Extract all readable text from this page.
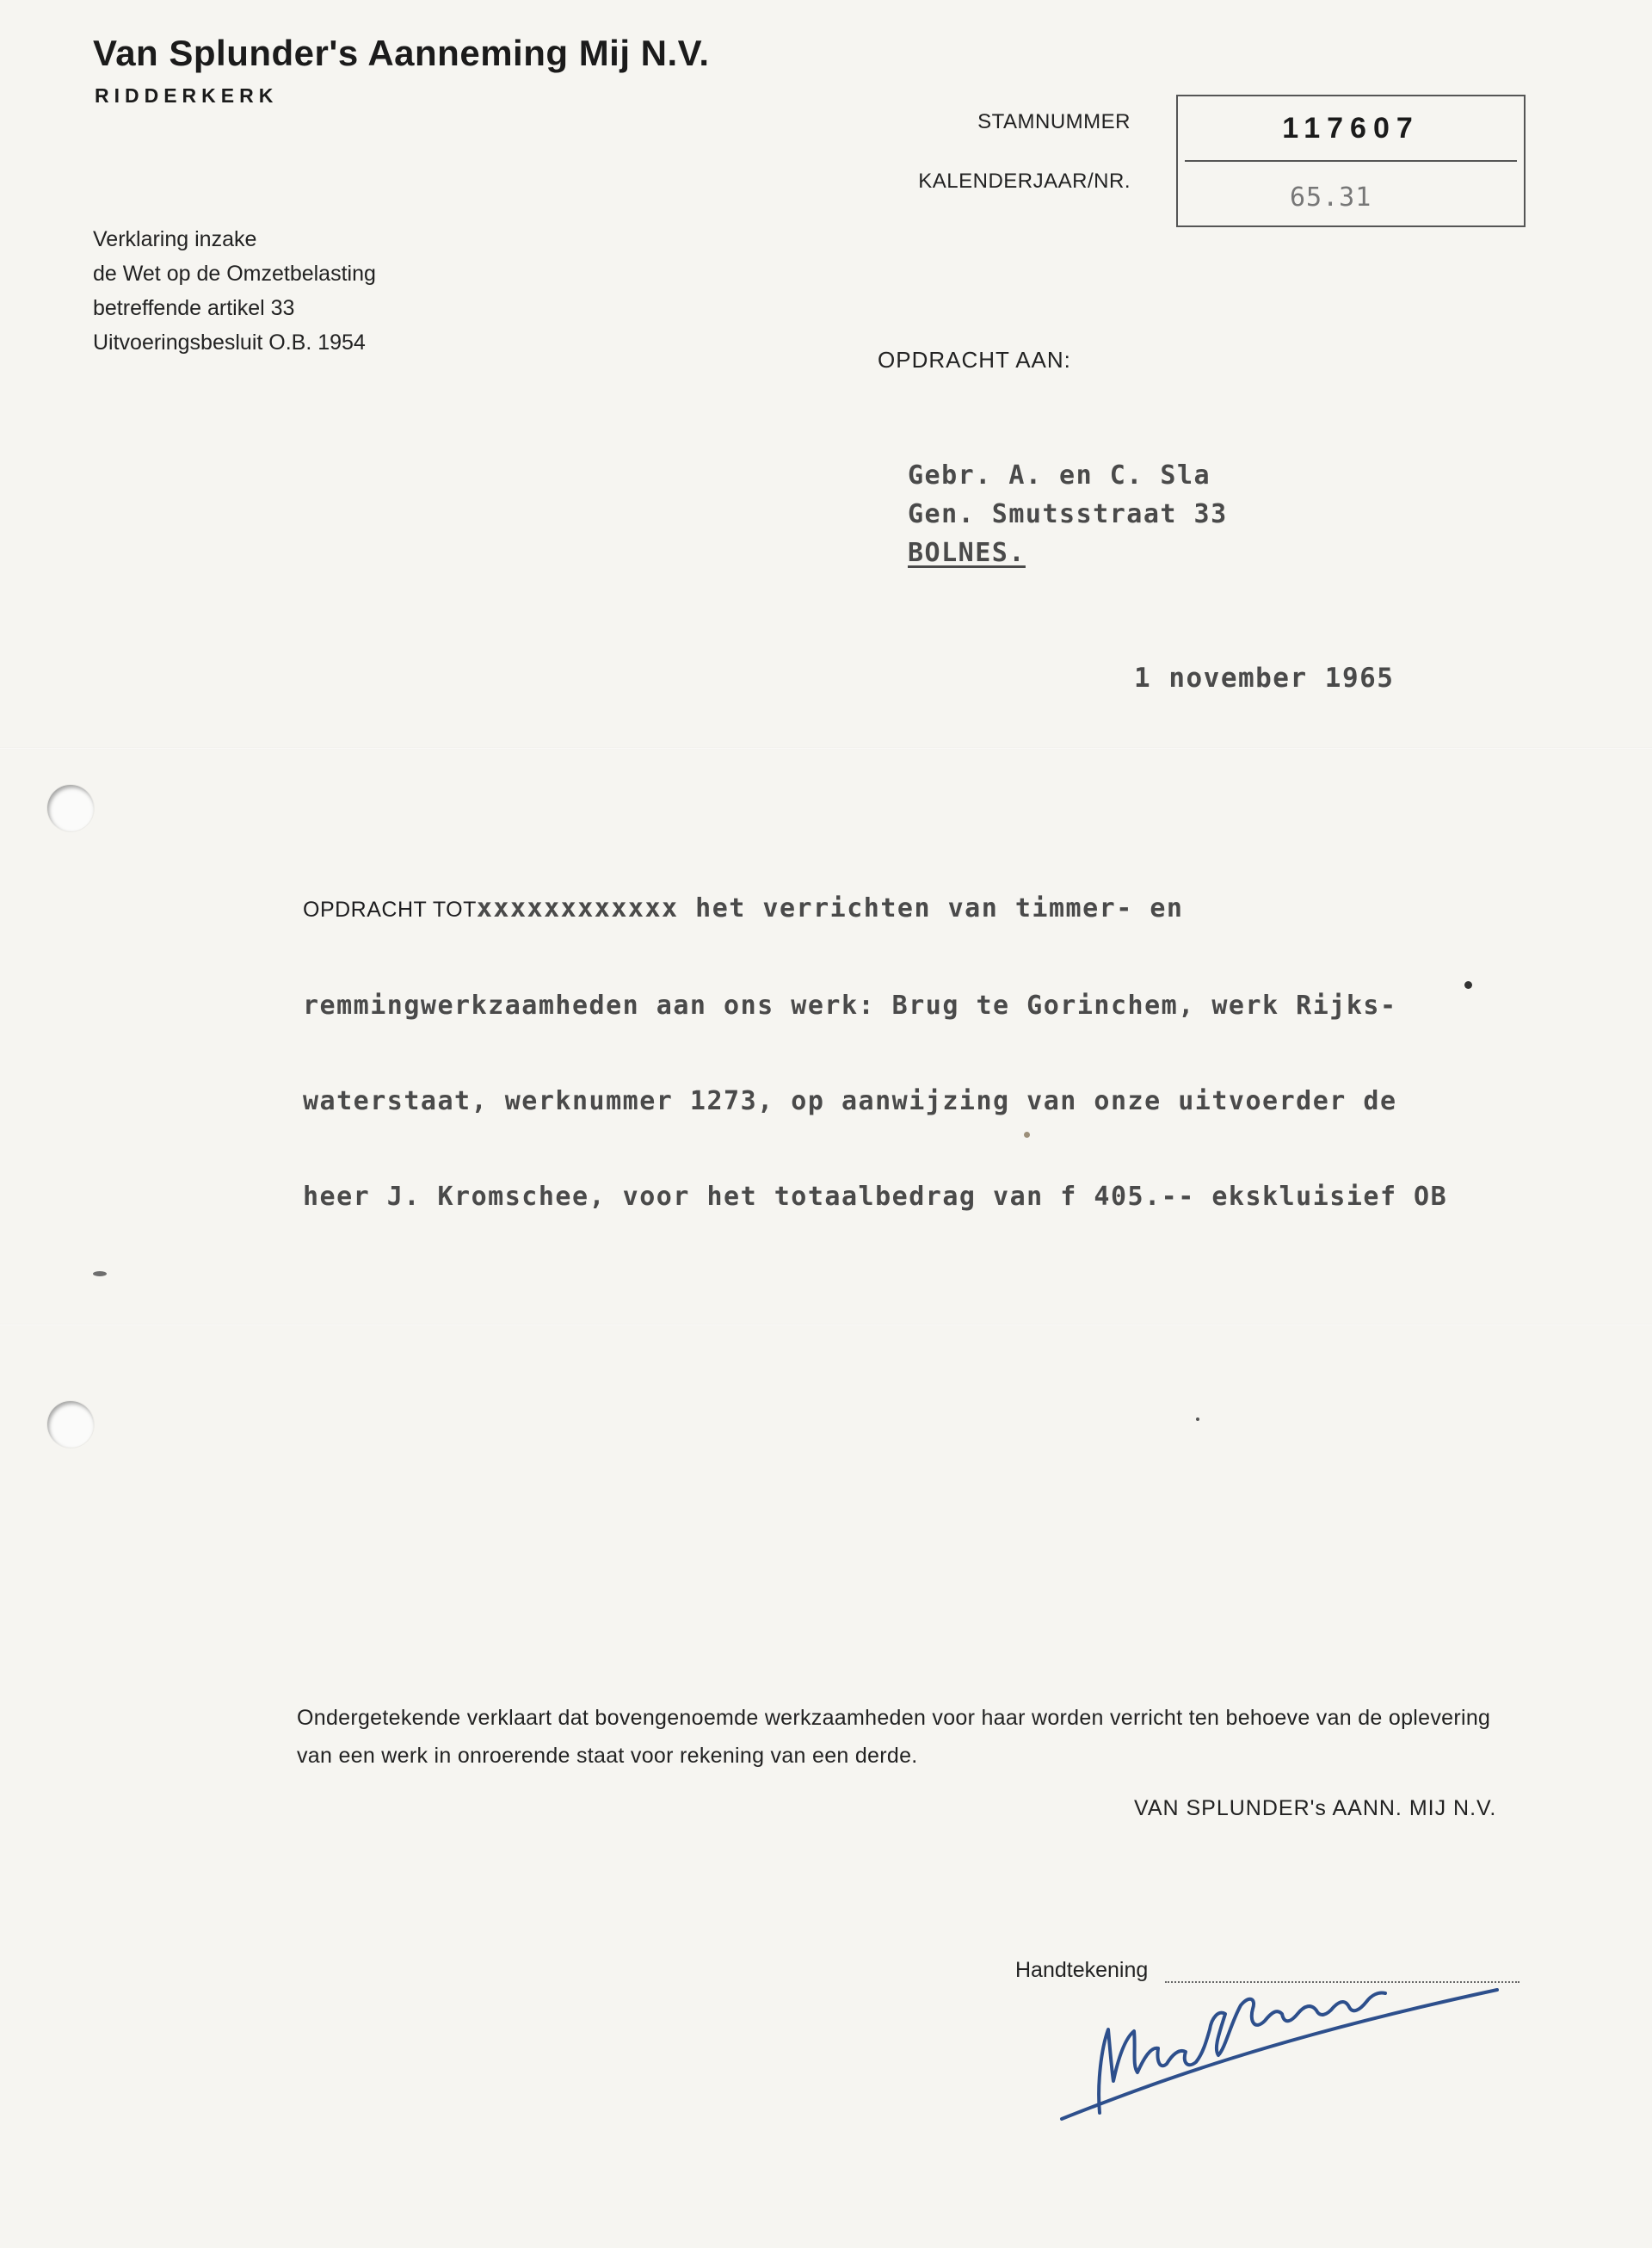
Van Splunder's Aanneming Mij N.V.
RIDDERKERK
Verklaring inzake
de Wet op de Omzetbelasting
betreffende artikel 33
Uitvoeringsbesluit O.B. 1954
STAMNUMMER
KALENDERJAAR/NR.
117607
65.31
OPDRACHT AAN:
Gebr. A. en C. Sla
Gen. Smutsstraat 33
BOLNES.
1 november 1965

OPDRACHT TOTxxxxxxxxxxxx het verrichten van timmer- en

remmingwerkzaamheden aan ons werk: Brug te Gorinchem, werk Rijks-

waterstaat, werknummer 1273, op aanwijzing van onze uitvoerder de

heer J. Kromschee, voor het totaalbedrag van f 405.-- ekskluisief OB

Ondergetekende verklaart dat bovengenoemde werkzaamheden voor haar worden verricht ten behoeve van de oplevering van een werk in onroerende staat voor rekening van een derde.
VAN SPLUNDER's AANN. MIJ N.V.
Handtekening
